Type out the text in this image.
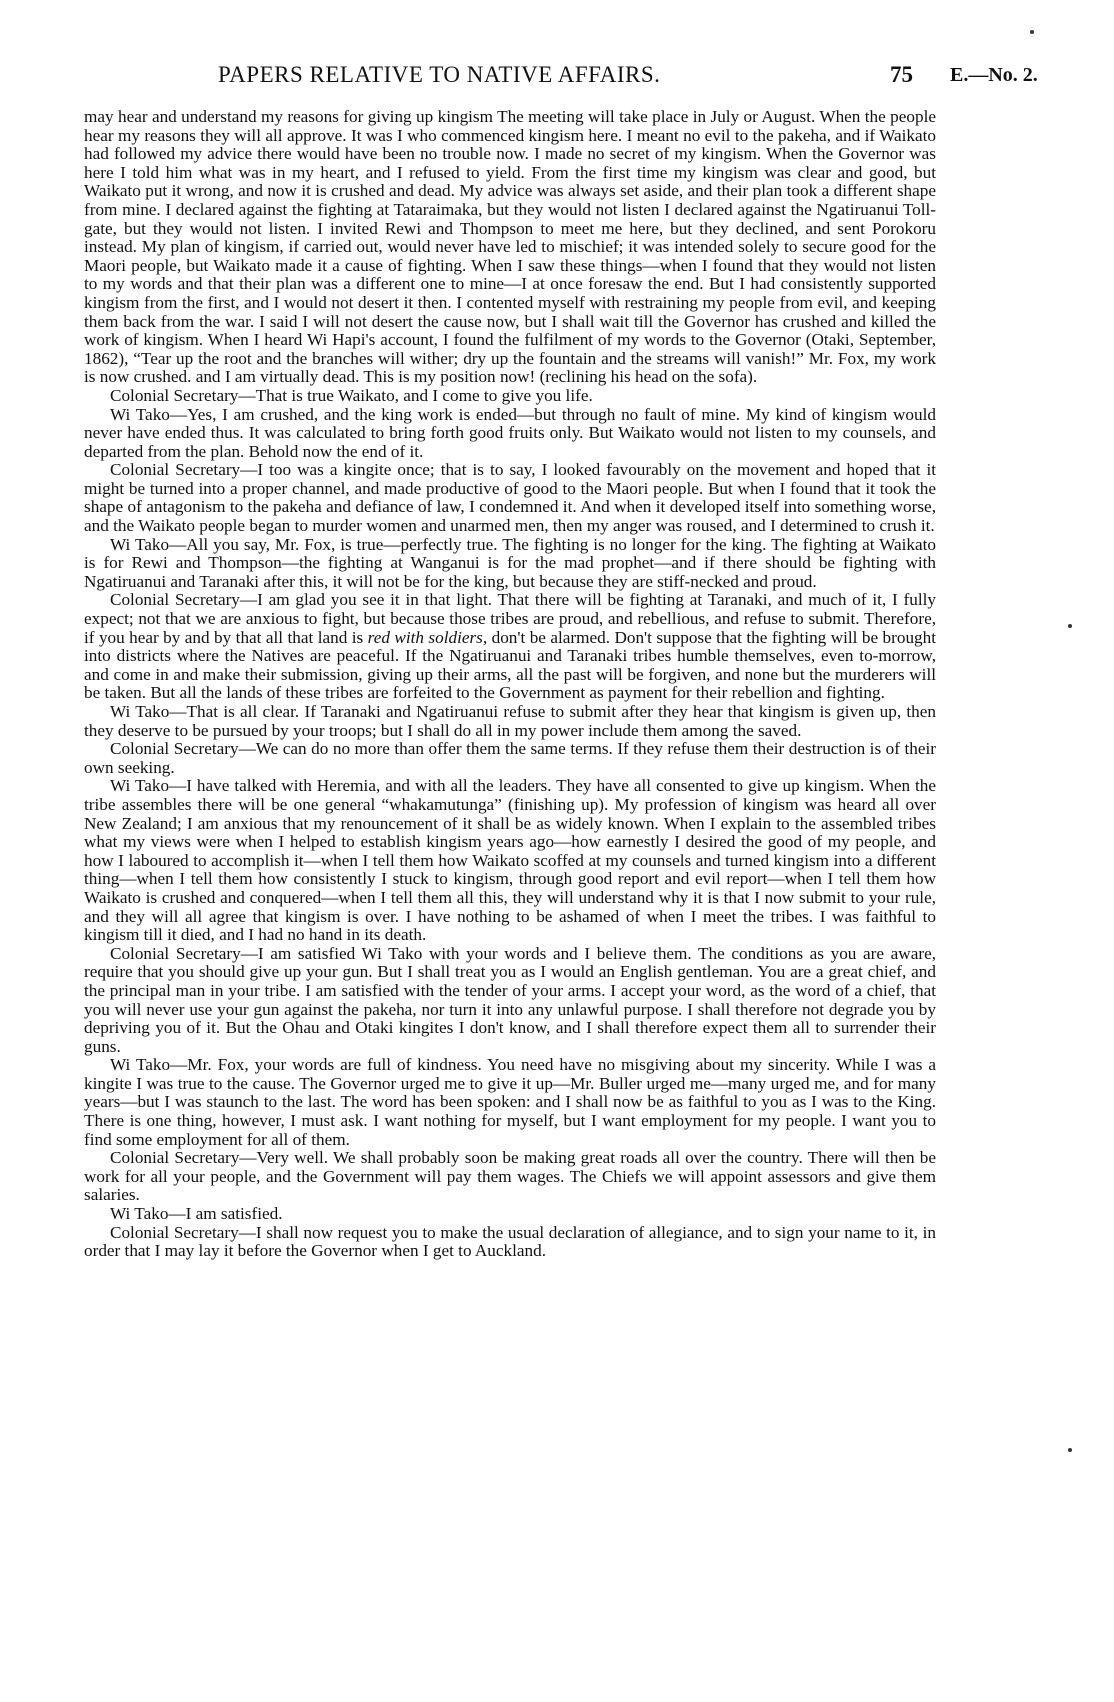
PAPERS RELATIVE TO NATIVE AFFAIRS.	75 E.—No. 2.

may hear and understand my reasons for giving up kingism The meeting will take place in July or August. When the people hear my reasons they will all approve. It was I who commenced kingism here. I meant no evil to the pakeha, and if Waikato had followed my advice there would have been no trouble now. I made no secret of my kingism. When the Governor was here I told him what was in my heart, and I refused to yield. From the first time my kingism was clear and good, but Waikato put it wrong, and now it is crushed and dead. My advice was always set aside, and their plan took a different shape from mine. I declared against the fighting at Tataraimaka, but they would not listen I declared against the Ngatiruanui Toll-gate, but they would not listen. I invited Rewi and Thompson to meet me here, but they declined, and sent Porokoru instead. My plan of kingism, if carried out, would never have led to mischief; it was intended solely to secure good for the Maori people, but Waikato made it a cause of fighting. When I saw these things—when I found that they would not listen to my words and that their plan was a different one to mine—I at once foresaw the end. But I had consistently supported kingism from the first, and I would not desert it then. I contented myself with restraining my people from evil, and keeping them back from the war. I said I will not desert the cause now, but I shall wait till the Governor has crushed and killed the work of kingism. When I heard Wi Hapi's account, I found the fulfilment of my words to the Governor (Otaki, September, 1862), “Tear up the root and the branches will wither; dry up the fountain and the streams will vanish!” Mr. Fox, my work is now crushed. and I am virtually dead. This is my position now! (reclining his head on the sofa).

Colonial Secretary—That is true Waikato, and I come to give you life.

Wi Tako—Yes, I am crushed, and the king work is ended—but through no fault of mine. My kind of kingism would never have ended thus. It was calculated to bring forth good fruits only. But Waikato would not listen to my counsels, and departed from the plan. Behold now the end of it.

Colonial Secretary—I too was a kingite once; that is to say, I looked favourably on the movement and hoped that it might be turned into a proper channel, and made productive of good to the Maori people. But when I found that it took the shape of antagonism to the pakeha and defiance of law, I condemned it. And when it developed itself into something worse, and the Waikato people began to murder women and unarmed men, then my anger was roused, and I determined to crush it.

Wi Tako—All you say, Mr. Fox, is true—perfectly true. The fighting is no longer for the king. The fighting at Waikato is for Rewi and Thompson—the fighting at Wanganui is for the mad prophet—and if there should be fighting with Ngatiruanui and Taranaki after this, it will not be for the king, but because they are stiff-necked and proud.

Colonial Secretary—I am glad you see it in that light. That there will be fighting at Taranaki, and much of it, I fully expect; not that we are anxious to fight, but because those tribes are proud, and rebellious, and refuse to submit. Therefore, if you hear by and by that all that land is red with soldiers, don't be alarmed. Don't suppose that the fighting will be brought into districts where the Natives are peaceful. If the Ngatiruanui and Taranaki tribes humble themselves, even to-morrow, and come in and make their submission, giving up their arms, all the past will be forgiven, and none but the murderers will be taken. But all the lands of these tribes are forfeited to the Government as payment for their rebellion and fighting.

Wi Tako—That is all clear. If Taranaki and Ngatiruanui refuse to submit after they hear that kingism is given up, then they deserve to be pursued by your troops; but I shall do all in my power include them among the saved.

Colonial Secretary—We can do no more than offer them the same terms. If they refuse them their destruction is of their own seeking.

Wi Tako—I have talked with Heremia, and with all the leaders. They have all consented to give up kingism. When the tribe assembles there will be one general “whakamutunga” (finishing up). My profession of kingism was heard all over New Zealand; I am anxious that my renouncement of it shall be as widely known. When I explain to the assembled tribes what my views were when I helped to establish kingism years ago—how earnestly I desired the good of my people, and how I laboured to accomplish it—when I tell them how Waikato scoffed at my counsels and turned kingism into a different thing—when I tell them how consistently I stuck to kingism, through good report and evil report—when I tell them how Waikato is crushed and conquered—when I tell them all this, they will understand why it is that I now submit to your rule, and they will all agree that kingism is over. I have nothing to be ashamed of when I meet the tribes. I was faithful to kingism till it died, and I had no hand in its death.

Colonial Secretary—I am satisfied Wi Tako with your words and I believe them. The conditions as you are aware, require that you should give up your gun. But I shall treat you as I would an English gentleman. You are a great chief, and the principal man in your tribe. I am satisfied with the tender of your arms. I accept your word, as the word of a chief, that you will never use your gun against the pakeha, nor turn it into any unlawful purpose. I shall therefore not degrade you by depriving you of it. But the Ohau and Otaki kingites I don't know, and I shall therefore expect them all to surrender their guns.

Wi Tako—Mr. Fox, your words are full of kindness. You need have no misgiving about my sincerity. While I was a kingite I was true to the cause. The Governor urged me to give it up—Mr. Buller urged me—many urged me, and for many years—but I was staunch to the last. The word has been spoken: and I shall now be as faithful to you as I was to the King. There is one thing, however, I must ask. I want nothing for myself, but I want employment for my people. I want you to find some employment for all of them.

Colonial Secretary—Very well. We shall probably soon be making great roads all over the country. There will then be work for all your people, and the Government will pay them wages. The Chiefs we will appoint assessors and give them salaries.

Wi Tako—I am satisfied.

Colonial Secretary—I shall now request you to make the usual declaration of allegiance, and to sign your name to it, in order that I may lay it before the Governor when I get to Auckland.
